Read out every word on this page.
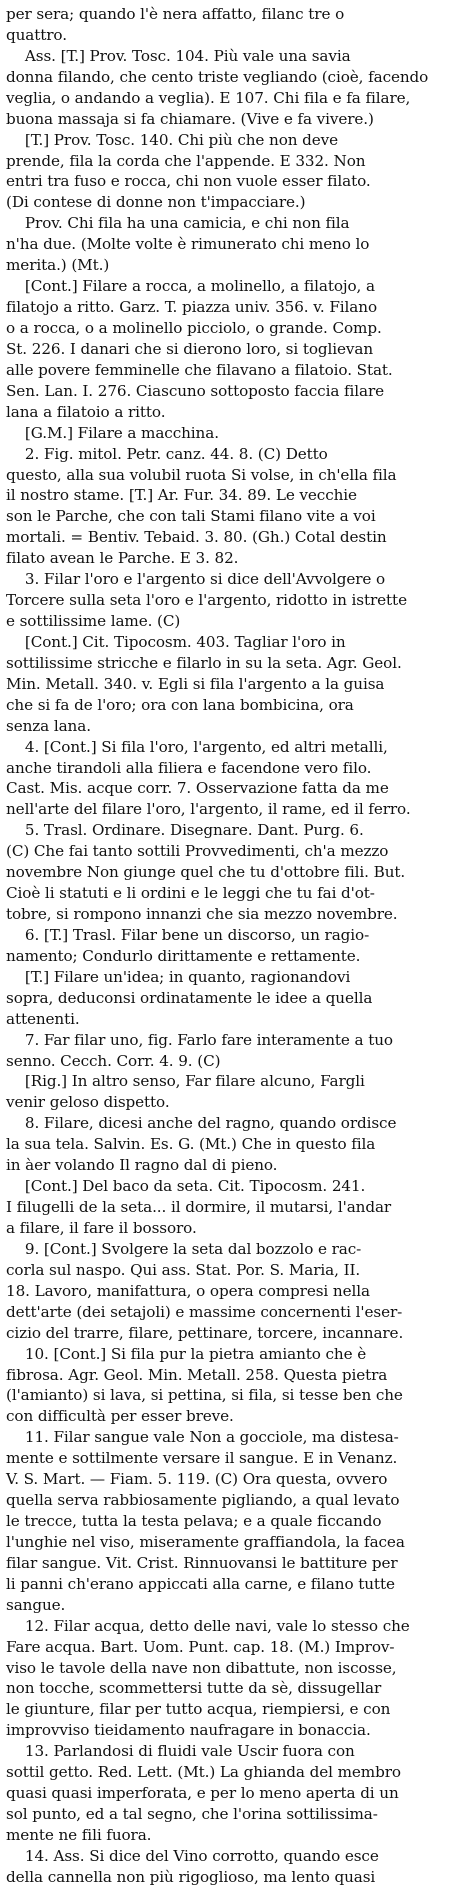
per sera; quando l'è nera affatto, filanc tre o
quattro.
Ass. [T.] Prov. Tosc. 104. Più vale una savia
donna filando, che cento triste vegliando (cioè, facendo
veglia, o andando a veglia). E 107. Chi fila e fa filare,
buona massaja si fa chiamare. (Vive e fa vivere.)
[T.] Prov. Tosc. 140. Chi più che non deve
prende, fila la corda che l'appende. E 332. Non
entri tra fuso e rocca, chi non vuole esser filato.
(Di contese di donne non t'impacciare.)
Prov. Chi fila ha una camicia, e chi non fila
n'ha due. (Molte volte è rimunerato chi meno lo
merita.) (Mt.)
[Cont.] Filare a rocca, a molinello, a filatojo, a
filatojo a ritto. Garz. T. piazza univ. 356. v. Filano
o a rocca, o a molinello picciolo, o grande. Comp.
St. 226. I danari che si dierono loro, si toglievan
alle povere femminelle che filavano a filatoio. Stat.
Sen. Lan. I. 276. Ciascuno sottoposto faccia filare
lana a filatoio a ritto.
[G.M.] Filare a macchina.
2. Fig. mitol. Petr. canz. 44. 8. (C) Detto
questo, alla sua volubil ruota Si volse, in ch'ella fila
il nostro stame. [T.] Ar. Fur. 34. 89. Le vecchie
son le Parche, che con tali Stami filano vite a voi
mortali. = Bentiv. Tebaid. 3. 80. (Gh.) Cotal destin
filato avean le Parche. E 3. 82.
3. Filar l'oro e l'argento si dice dell'Avvolgere o
Torcere sulla seta l'oro e l'argento, ridotto in istrette
e sottilissime lame. (C)
[Cont.] Cit. Tipocosm. 403. Tagliar l'oro in
sottilissime stricche e filarlo in su la seta. Agr. Geol.
Min. Metall. 340. v. Egli si fila l'argento a la guisa
che si fa de l'oro; ora con lana bombicina, ora
senza lana.
4. [Cont.] Si fila l'oro, l'argento, ed altri metalli,
anche tirandoli alla filiera e facendone vero filo.
Cast. Mis. acque corr. 7. Osservazione fatta da me
nell'arte del filare l'oro, l'argento, il rame, ed il ferro.
5. Trasl. Ordinare. Disegnare. Dant. Purg. 6.
(C) Che fai tanto sottili Provvedimenti, ch'a mezzo
novembre Non giunge quel che tu d'ottobre fili. But.
Cioè li statuti e li ordini e le leggi che tu fai d'ot-
tobre, si rompono innanzi che sia mezzo novembre.
6. [T.] Trasl. Filar bene un discorso, un ragio-
namento; Condurlo dirittamente e rettamente.
[T.] Filare un'idea; in quanto, ragionandovi
sopra, deduconsi ordinatamente le idee a quella
attenenti.
7. Far filar uno, fig. Farlo fare interamente a tuo
senno. Cecch. Corr. 4. 9. (C)
[Rig.] In altro senso, Far filare alcuno, Fargli
venir geloso dispetto.
8. Filare, dicesi anche del ragno, quando ordisce
la sua tela. Salvin. Es. G. (Mt.) Che in questo fila
in àer volando Il ragno dal di pieno.
[Cont.] Del baco da seta. Cit. Tipocosm. 241.
I filugelli de la seta... il dormire, il mutarsi, l'andar
a filare, il fare il bossoro.
9. [Cont.] Svolgere la seta dal bozzolo e rac-
corla sul naspo. Qui ass. Stat. Por. S. Maria, II.
18. Lavoro, manifattura, o opera compresi nella
dett'arte (dei setajoli) e massime concernenti l'eser-
cizio del trarre, filare, pettinare, torcere, incannare.
10. [Cont.] Si fila pur la pietra amianto che è
fibrosa. Agr. Geol. Min. Metall. 258. Questa pietra
(l'amianto) si lava, si pettina, si fila, si tesse ben che
con difficultà per esser breve.
11. Filar sangue vale Non a gocciole, ma distesa-
mente e sottilmente versare il sangue. E in Venanz.
V. S. Mart. — Fiam. 5. 119. (C) Ora questa, ovvero
quella serva rabbiosamente pigliando, a qual levato
le trecce, tutta la testa pelava; e a quale ficcando
l'unghie nel viso, miseramente graffiandola, la facea
filar sangue. Vit. Crist. Rinnuovansi le battiture per
li panni ch'erano appiccati alla carne, e filano tutte
sangue.
12. Filar acqua, detto delle navi, vale lo stesso che
Fare acqua. Bart. Uom. Punt. cap. 18. (M.) Improv-
viso le tavole della nave non dibattute, non iscosse,
non tocche, scommettersi tutte da sè, dissugellar
le giunture, filar per tutto acqua, riempiersi, e con
improvviso tieidamento naufragare in bonaccia.
13. Parlandosi di fluidi vale Uscir fuora con
sottil getto. Red. Lett. (Mt.) La ghianda del membro
quasi quasi imperforata, e per lo meno aperta di un
sol punto, ed a tal segno, che l'orina sottilissima-
mente ne fili fuora.
14. Ass. Si dice del Vino corrotto, quando esce
della cannella non più rigoglioso, ma lento quasi
